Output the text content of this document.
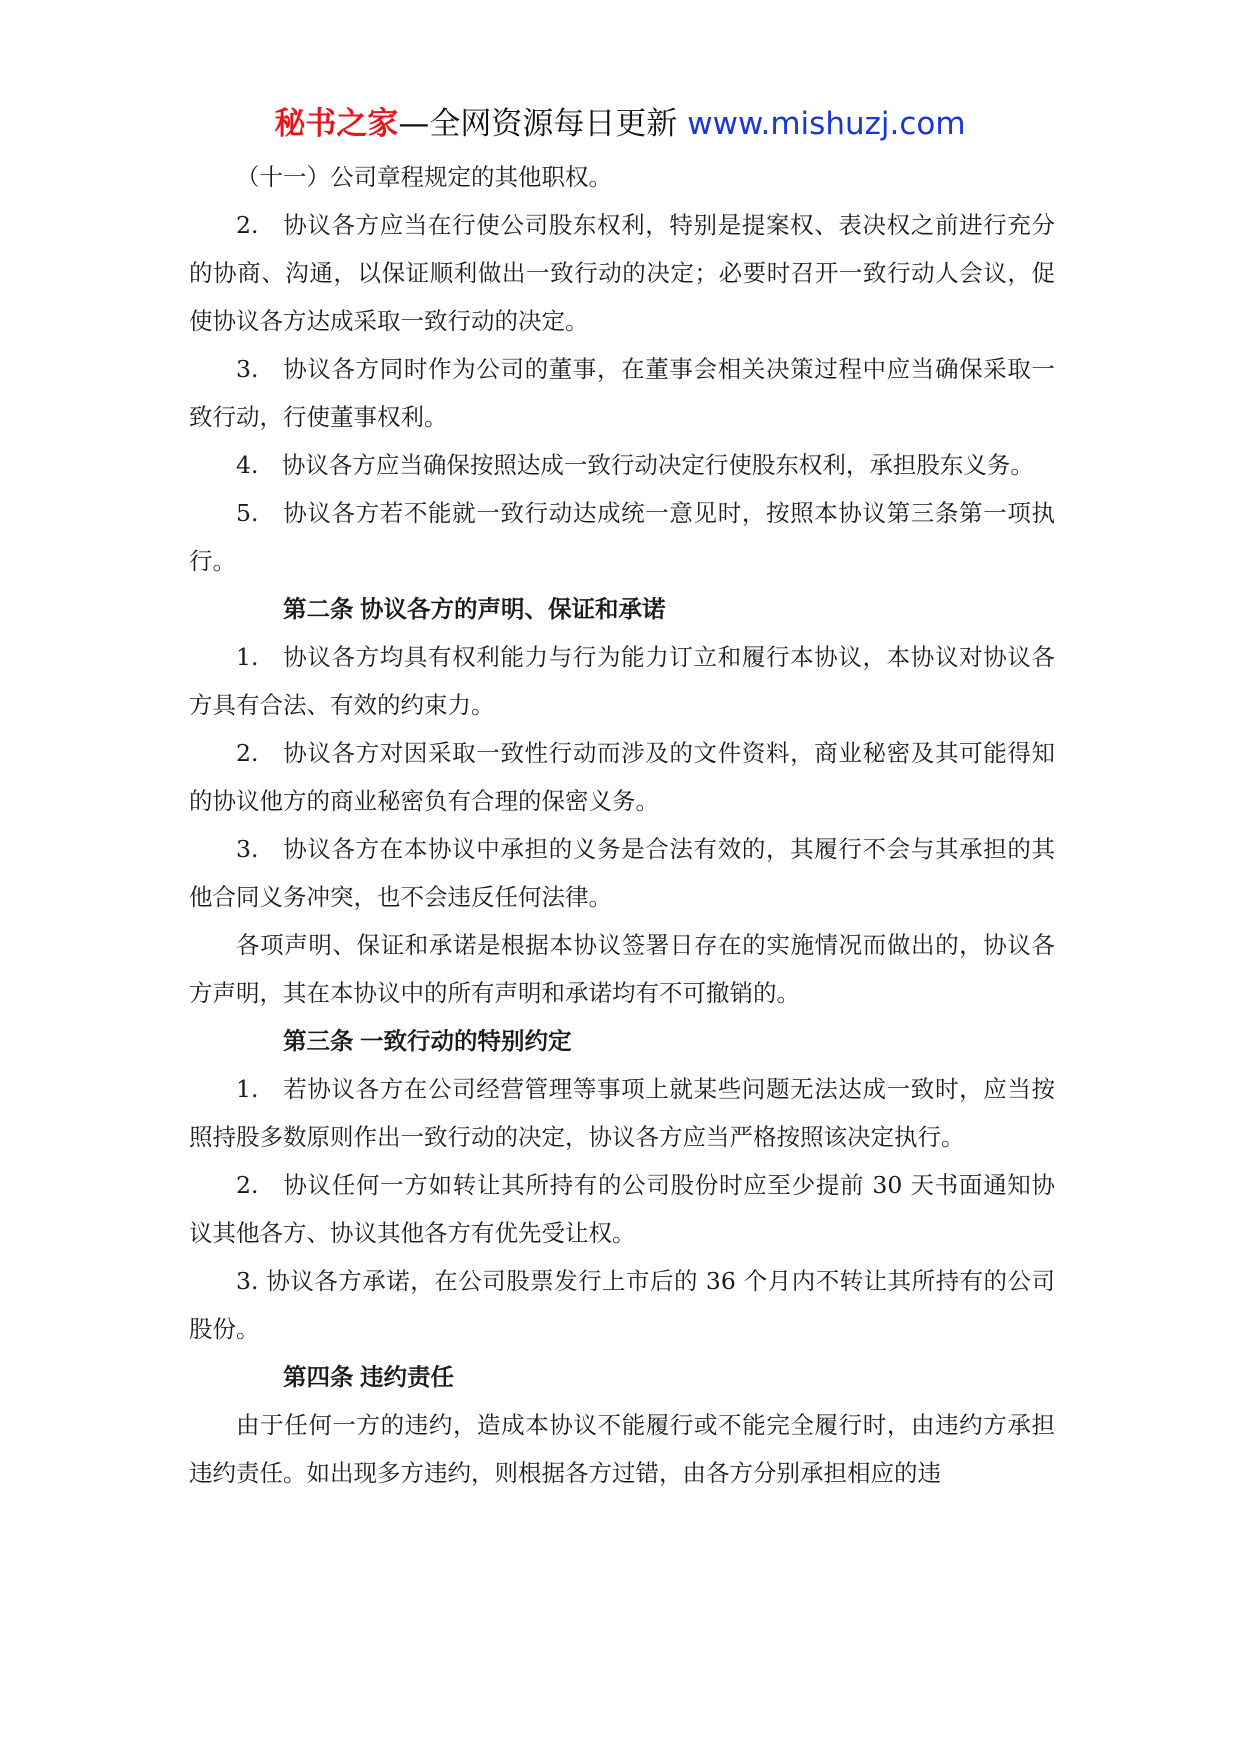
秘书之家—全网资源每日更新 www.mishuzj.com

（十一）公司章程规定的其他职权。

2.　协议各方应当在行使公司股东权利，特别是提案权、表决权之前进行充分的协商、沟通，以保证顺利做出一致行动的决定；必要时召开一致行动人会议，促使协议各方达成采取一致行动的决定。

3.　协议各方同时作为公司的董事，在董事会相关决策过程中应当确保采取一致行动，行使董事权利。

4.　协议各方应当确保按照达成一致行动决定行使股东权利，承担股东义务。

5.　协议各方若不能就一致行动达成统一意见时，按照本协议第三条第一项执行。

第二条 协议各方的声明、保证和承诺

1.　协议各方均具有权利能力与行为能力订立和履行本协议，本协议对协议各方具有合法、有效的约束力。

2.　协议各方对因采取一致性行动而涉及的文件资料，商业秘密及其可能得知的协议他方的商业秘密负有合理的保密义务。

3.　协议各方在本协议中承担的义务是合法有效的，其履行不会与其承担的其他合同义务冲突，也不会违反任何法律。

各项声明、保证和承诺是根据本协议签署日存在的实施情况而做出的，协议各方声明，其在本协议中的所有声明和承诺均有不可撤销的。

第三条 一致行动的特别约定

1.　若协议各方在公司经营管理等事项上就某些问题无法达成一致时，应当按照持股多数原则作出一致行动的决定，协议各方应当严格按照该决定执行。

2.　协议任何一方如转让其所持有的公司股份时应至少提前 30 天书面通知协议其他各方、协议其他各方有优先受让权。

3. 协议各方承诺，在公司股票发行上市后的 36 个月内不转让其所持有的公司股份。

第四条 违约责任

由于任何一方的违约，造成本协议不能履行或不能完全履行时，由违约方承担违约责任。如出现多方违约，则根据各方过错，由各方分别承担相应的违
